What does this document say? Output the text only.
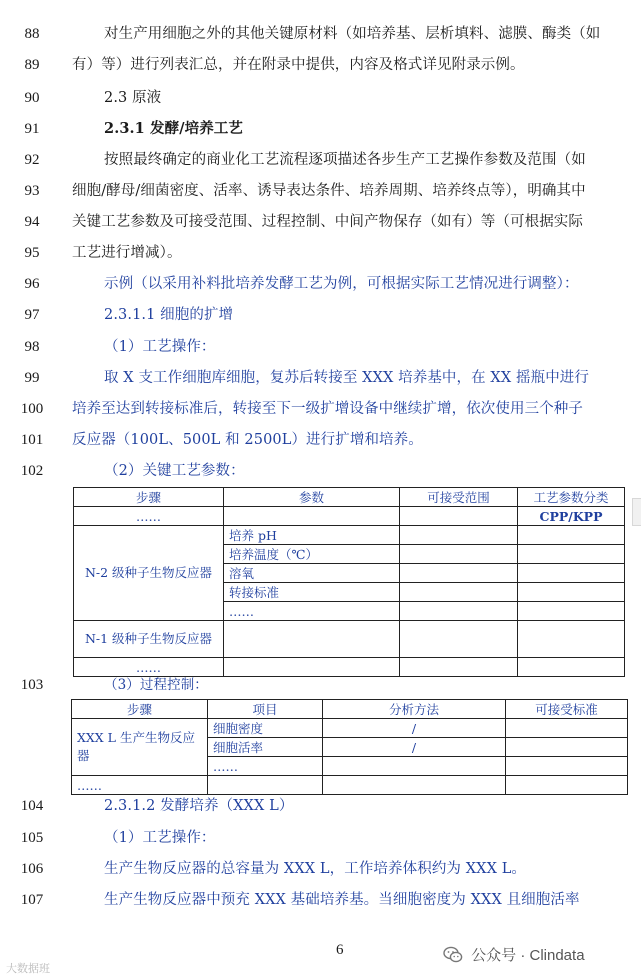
88	对生产用细胞之外的其他关键原材料（如培养基、层析填料、滤膜、酶类（如
89	有）等）进行列表汇总，并在附录中提供，内容及格式详见附录示例。
90	2.3 原液
91	2.3.1 发酵/培养工艺
92	按照最终确定的商业化工艺流程逐项描述各步生产工艺操作参数及范围（如
93	细胞/酵母/细菌密度、活率、诱导表达条件、培养周期、培养终点等），明确其中
94	关键工艺参数及可接受范围、过程控制、中间产物保存（如有）等（可根据实际
95	工艺进行增减）。
96	示例（以采用补料批培养发酵工艺为例，可根据实际工艺情况进行调整）：
97	2.3.1.1 细胞的扩增
98	（1）工艺操作：
99	取 X 支工作细胞库细胞，复苏后转接至 XXX 培养基中，在 XX 摇瓶中进行
100	培养至达到转接标准后，转接至下一级扩增设备中继续扩增，依次使用三个种子
101	反应器（100L、500L 和 2500L）进行扩增和培养。
102	（2）关键工艺参数：
步骤	参数	可接受范围	工艺参数分类
……			CPP/KPP
N-2 级种子生物反应器	培养 pH		
	培养温度（℃）		
	溶氧		
	转接标准		
	……		
N-1 级种子生物反应器			
……			
103	（3）过程控制：
步骤	项目	分析方法	可接受标准
XXX L 生产生物反应器	细胞密度	/	
	细胞活率	/	
	……		
……			
104	2.3.1.2 发酵培养（XXX L）
105	（1）工艺操作：
106	生产生物反应器的总容量为 XXX L，工作培养体积约为 XXX L。
107	生产生物反应器中预充 XXX 基础培养基。当细胞密度为 XXX 且细胞活率
6	公众号 · Clindata
大数据班
